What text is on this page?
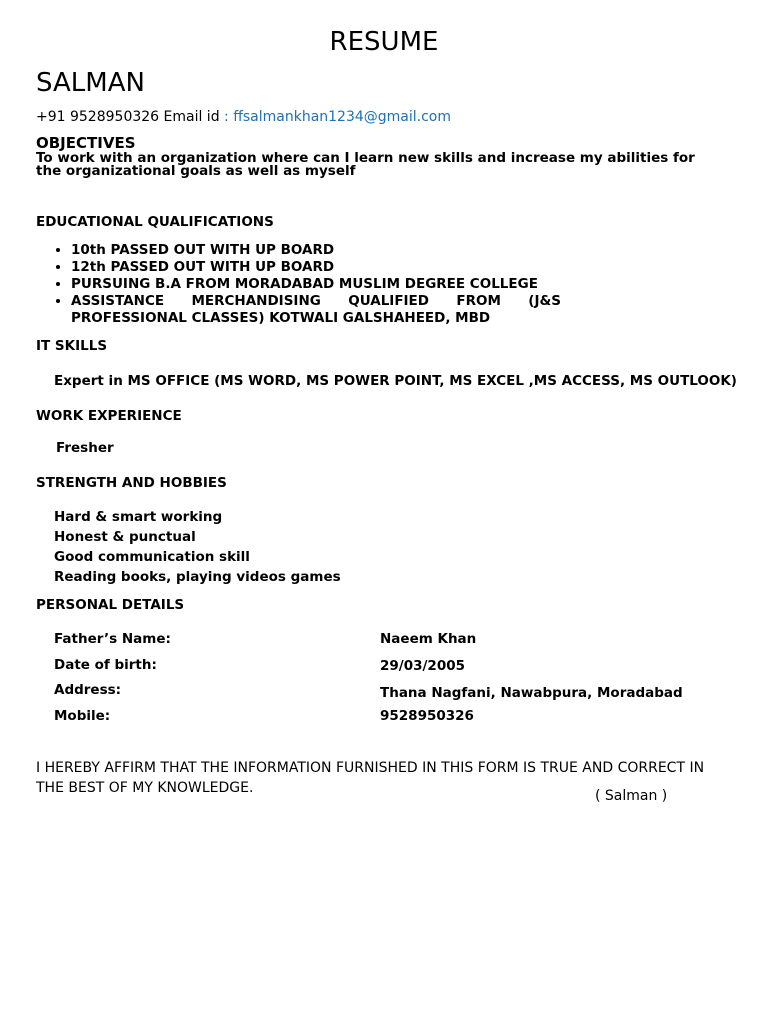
RESUME
SALMAN
+91 9528950326 Email id : ffsalmankhan1234@gmail.com
OBJECTIVES
To work with an organization where can I learn new skills and increase my abilities for the organizational goals as well as myself
EDUCATIONAL QUALIFICATIONS
• 10th PASSED OUT WITH UP BOARD
• 12th PASSED OUT WITH UP BOARD
• PURSUING B.A FROM MORADABAD MUSLIM DEGREE COLLEGE
• ASSISTANCE MERCHANDISING QUALIFIED FROM (J&S PROFESSIONAL CLASSES) KOTWALI GALSHAHEED, MBD
IT SKILLS
Expert in MS OFFICE (MS WORD, MS POWER POINT, MS EXCEL ,MS ACCESS, MS OUTLOOK)
WORK EXPERIENCE
Fresher
STRENGTH AND HOBBIES
Hard & smart working
Honest & punctual
Good communication skill
Reading books, playing videos games
PERSONAL DETAILS
Father’s Name:	Naeem Khan
Date of birth:	29/03/2005
Address:	Thana Nagfani, Nawabpura, Moradabad
Mobile:	9528950326
I HEREBY AFFIRM THAT THE INFORMATION FURNISHED IN THIS FORM IS TRUE AND CORRECT IN THE BEST OF MY KNOWLEDGE.	( Salman )
